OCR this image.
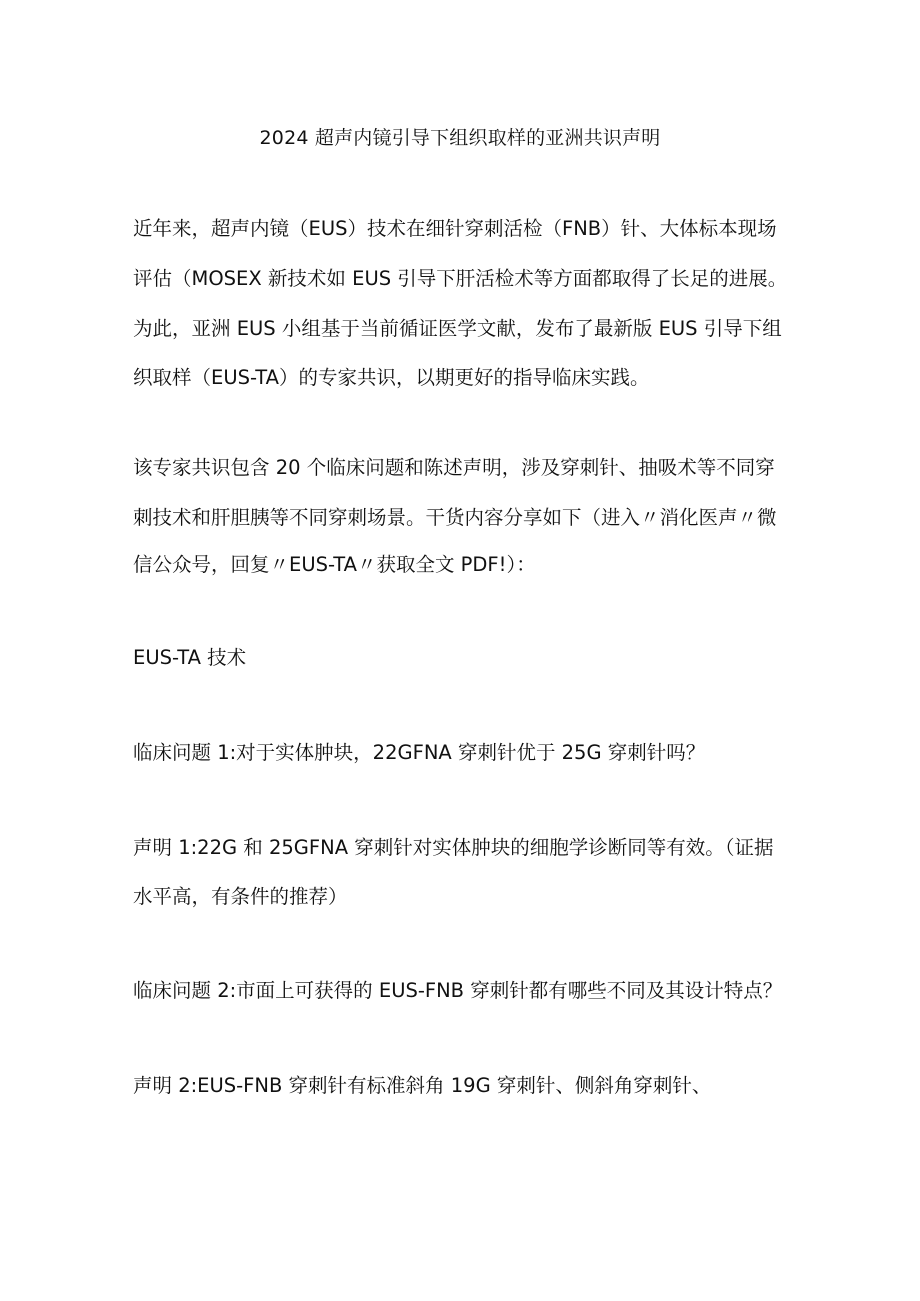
2024 超声内镜引导下组织取样的亚洲共识声明
近年来，超声内镜（EUS）技术在细针穿刺活检（FNB）针、大体标本现场
评估（MOSEX 新技术如 EUS 引导下肝活检术等方面都取得了长足的进展。
为此，亚洲 EUS 小组基于当前循证医学文献，发布了最新版 EUS 引导下组
织取样（EUS-TA）的专家共识，以期更好的指导临床实践。
该专家共识包含 20 个临床问题和陈述声明，涉及穿刺针、抽吸术等不同穿
刺技术和肝胆胰等不同穿刺场景。干货内容分享如下（进入〃消化医声〃微
信公众号，回复〃EUS-TA〃获取全文 PDF!）：
EUS-TA 技术
临床问题 1:对于实体肿块，22GFNA 穿刺针优于 25G 穿刺针吗？
声明 1:22G 和 25GFNA 穿刺针对实体肿块的细胞学诊断同等有效。（证据
水平高，有条件的推荐）
临床问题 2:市面上可获得的 EUS-FNB 穿刺针都有哪些不同及其设计特点？
声明 2:EUS-FNB 穿刺针有标准斜角 19G 穿刺针、侧斜角穿刺针、
